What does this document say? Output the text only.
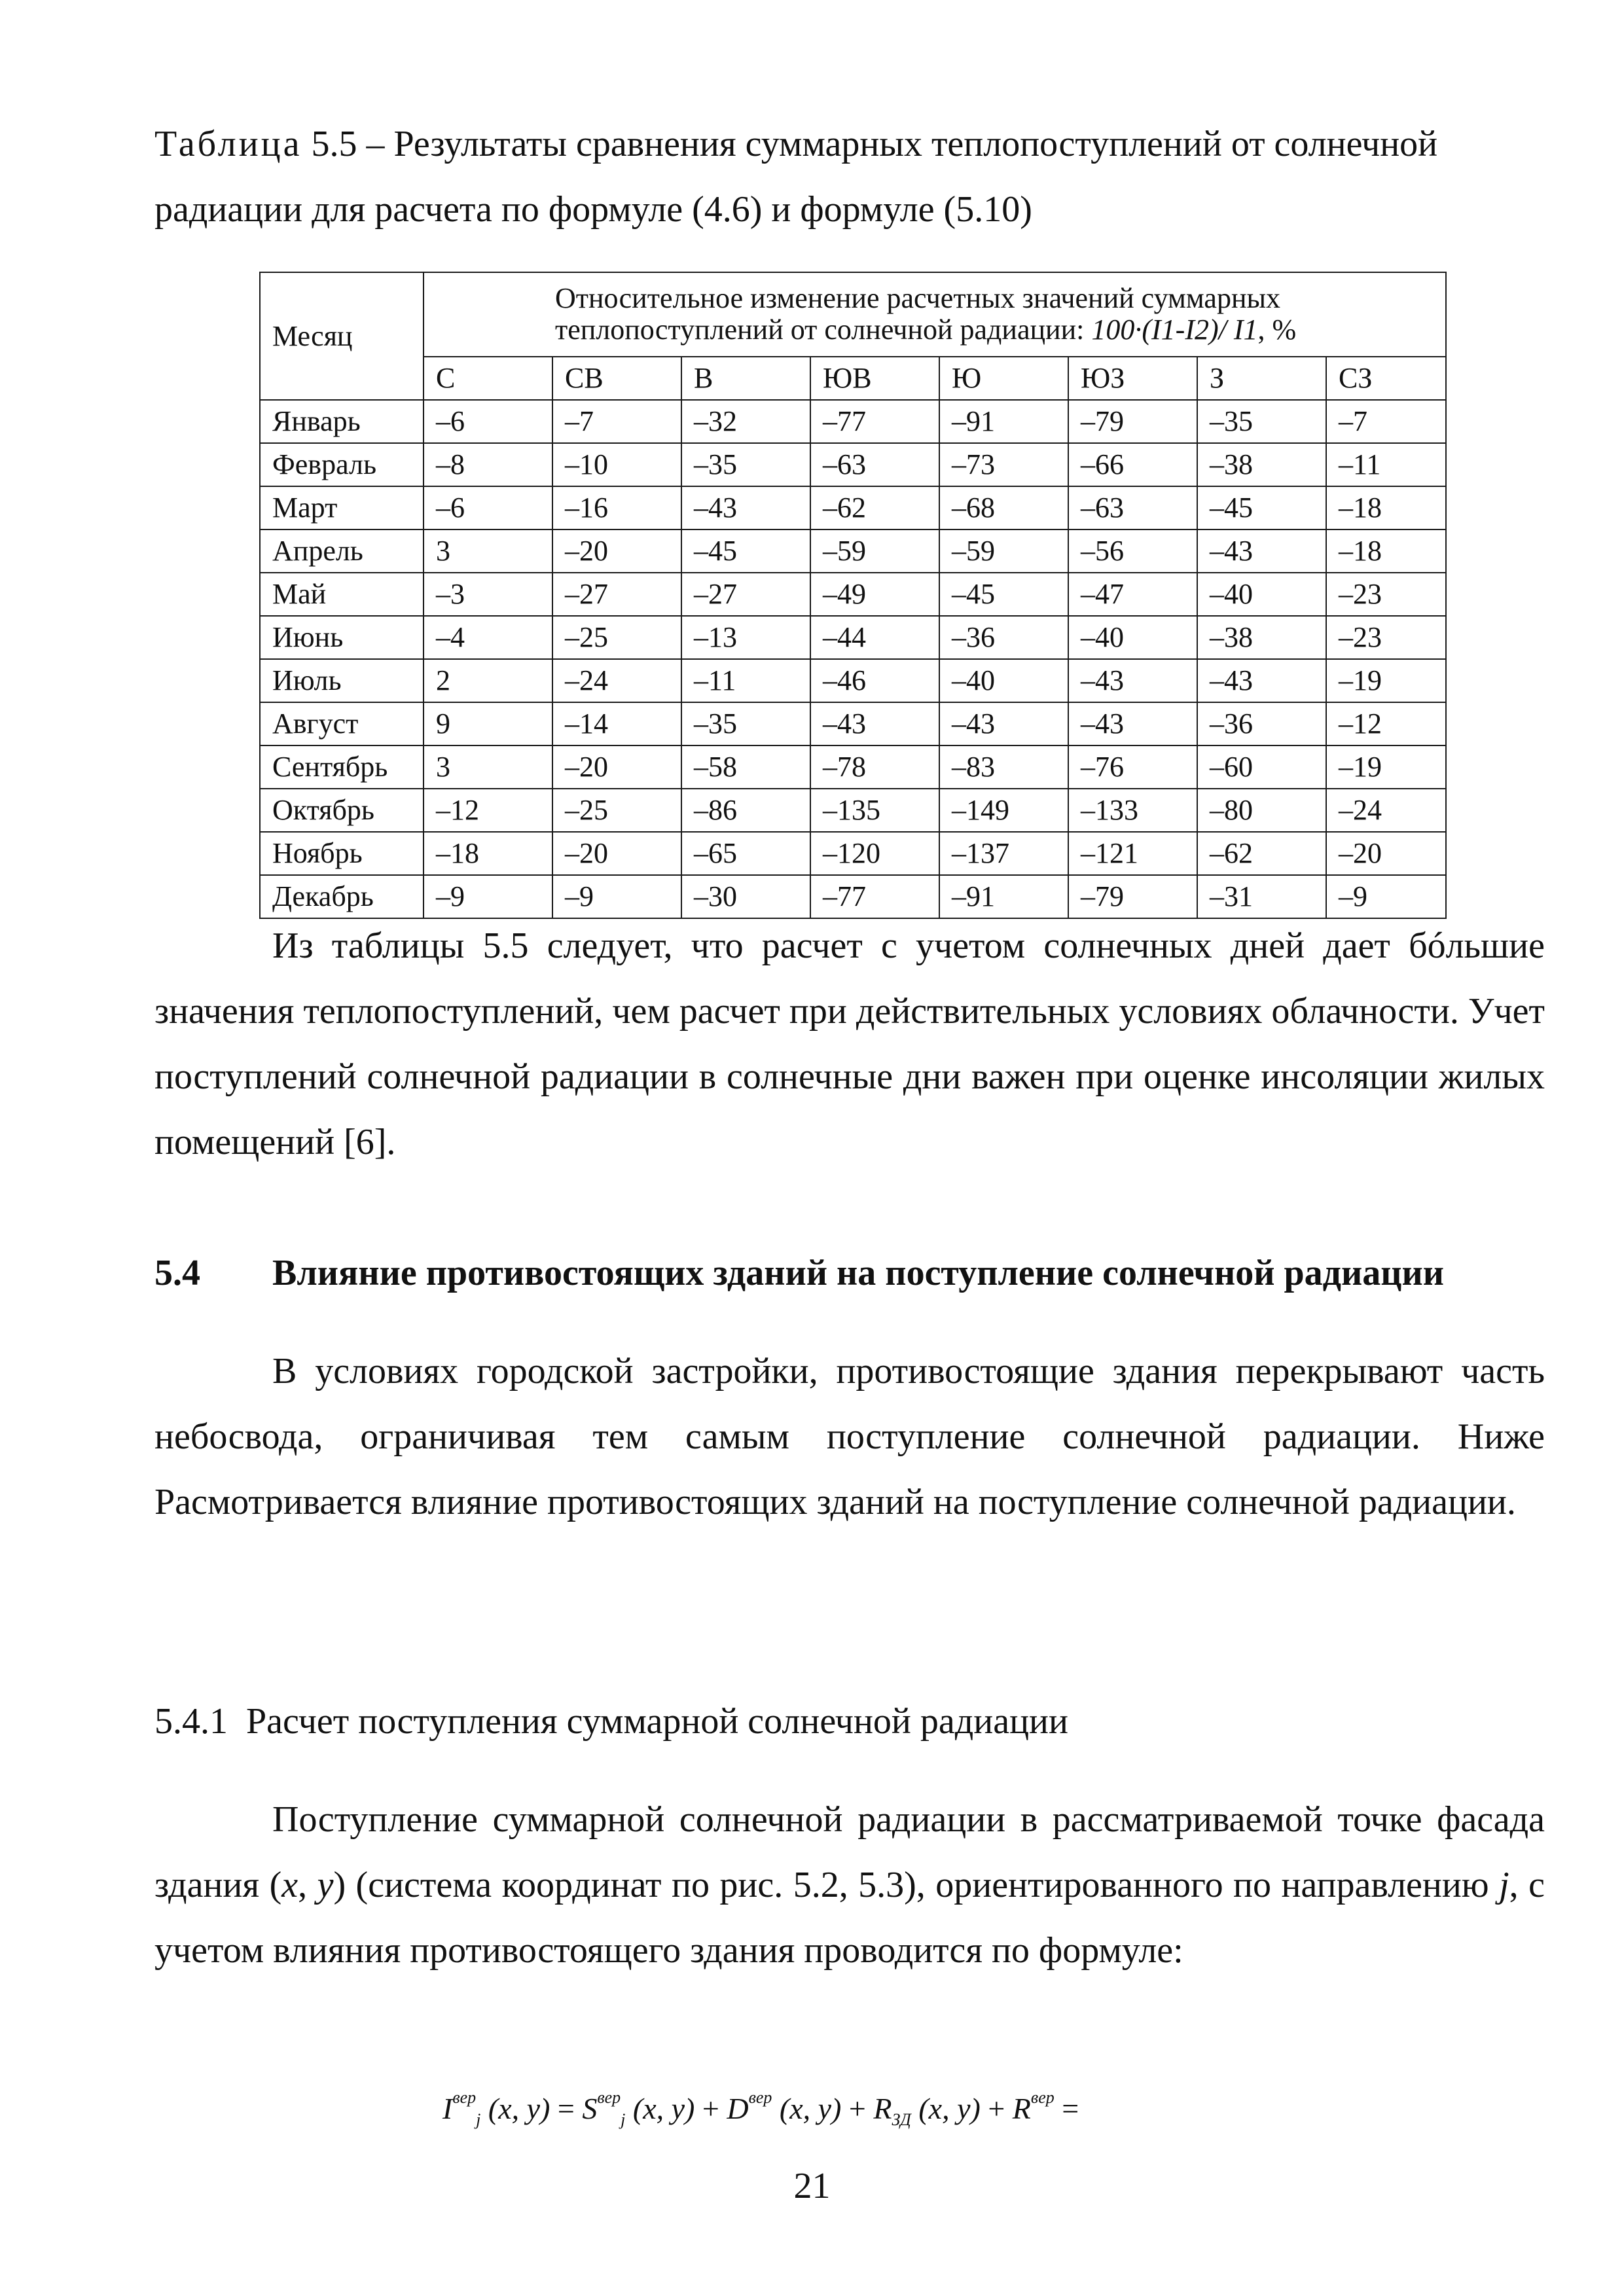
Таблица 5.5 – Результаты сравнения суммарных теплопоступлений от солнечной
радиации для расчета по формуле (4.6) и формуле (5.10)

Месяц	Относительное изменение расчетных значений суммарных
теплопоступлений от солнечной радиации: 100·(I1-I2)/ I1, %							

	С	СВ	В	ЮВ	Ю	ЮЗ	З	СЗ
Январь	–6	–7	–32	–77	–91	–79	–35	–7
Февраль	–8	–10	–35	–63	–73	–66	–38	–11
Март	–6	–16	–43	–62	–68	–63	–45	–18
Апрель	3	–20	–45	–59	–59	–56	–43	–18
Май	–3	–27	–27	–49	–45	–47	–40	–23
Июнь	–4	–25	–13	–44	–36	–40	–38	–23
Июль	2	–24	–11	–46	–40	–43	–43	–19
Август	9	–14	–35	–43	–43	–43	–36	–12
Сентябрь	3	–20	–58	–78	–83	–76	–60	–19
Октябрь	–12	–25	–86	–135	–149	–133	–80	–24
Ноябрь	–18	–20	–65	–120	–137	–121	–62	–20
Декабрь	–9	–9	–30	–77	–91	–79	–31	–9

Из таблицы 5.5 следует, что расчет с учетом солнечных дней дает бóльшие значения теплопоступлений, чем расчет при действительных условиях облачности. Учет поступлений солнечной радиации в солнечные дни важен при оценке инсоляции жилых помещений [6].

5.4 Влияние противостоящих зданий на поступление солнечной радиации

В условиях городской застройки, противостоящие здания перекрывают часть небосвода, ограничивая тем самым поступление солнечной радиации. Ниже Расмотривается влияние противостоящих зданий на поступление солнечной радиации.

5.4.1 Расчет поступления суммарной солнечной радиации

Поступление суммарной солнечной радиации в рассматриваемой точке фасада здания (x, y) (система координат по рис. 5.2, 5.3), ориентированного по направлению j, с учетом влияния противостоящего здания проводится по формуле:

$I^{вер}_j$ (x, $y) = S^{вер}_j$ (x, $y) + D^{вер}$ (x, $y) + R_{ЗД}$ (x, $y) + R^{вер}$ =
21
